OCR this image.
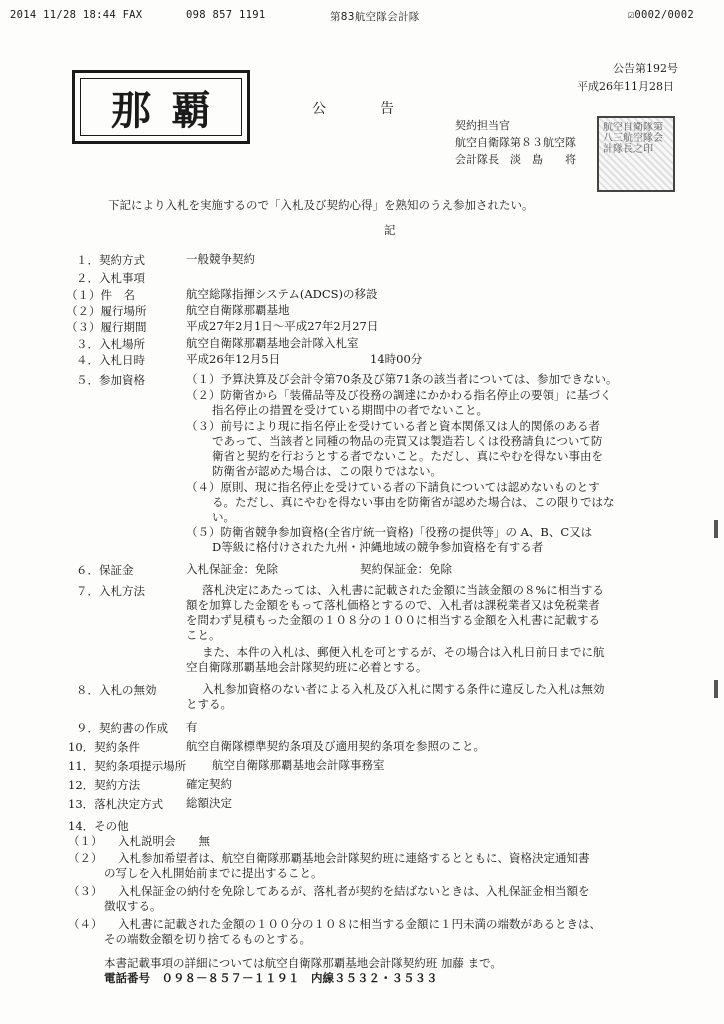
2014 11/28 18:44 FAX	098 857 1191	第83航空隊会計隊	☑0002/0002
公告第192号
平成26年11月28日
那覇	公　　　告
契約担当官
航空自衛隊第８３航空隊
会計隊長　淡　島　　将
航空自衛隊第八三航空隊会計隊長之印
下記により入札を実施するので「入札及び契約心得」を熟知のうえ参加されたい。
記
１．契約方式	一般競争契約
２．入札事項
（１）件　名	航空総隊指揮システム(ADCS)の移設
（２）履行場所	航空自衛隊那覇基地
（３）履行期間	平成27年2月1日～平成27年2月27日
３．入札場所	航空自衛隊那覇基地会計隊入札室
４．入札日時	平成26年12月5日	14時00分
５．参加資格	（１）予算決算及び会計令第70条及び第71条の該当者については、参加できない。
（２）防衛省から「装備品等及び役務の調達にかかわる指名停止の要領」に基づく
指名停止の措置を受けている期間中の者でないこと。
（３）前号により現に指名停止を受けている者と資本関係又は人的関係のある者
であって、当該者と同種の物品の売買又は製造若しくは役務請負について防
衛省と契約を行おうとする者でないこと。ただし、真にやむを得ない事由を
防衛省が認めた場合は、この限りではない。
（４）原則、現に指名停止を受けている者の下請負については認めないものとす
る。ただし、真にやむを得ない事由を防衛省が認めた場合は、この限りではな
い。
（５）防衛省競争参加資格(全省庁統一資格)「役務の提供等」の A、B、C又は
D等級に格付けされた九州・沖縄地域の競争参加資格を有する者
６．保証金	入札保証金：免除	契約保証金：免除
７．入札方法	落札決定にあたっては、入札書に記載された金額に当該金額の８%に相当する
額を加算した金額をもって落札価格とするので、入札者は課税業者又は免税業者
を問わず見積もった金額の１０８分の１００に相当する金額を入札書に記載する
こと。
また、本件の入札は、郵便入札を可とするが、その場合は入札日前日までに航
空自衛隊那覇基地会計隊契約班に必着とする。
８．入札の無効	入札参加資格のない者による入札及び入札に関する条件に違反した入札は無効
とする。
９．契約書の作成 有
10．契約条件	航空自衛隊標準契約条項及び適用契約条項を参照のこと。
11．契約条項提示場所 航空自衛隊那覇基地会計隊事務室
12．契約方法	確定契約
13．落札決定方式 総額決定
14．その他
（１） 入札説明会　　無
（２） 入札参加希望者は、航空自衛隊那覇基地会計隊契約班に連絡するとともに、資格決定通知書
の写しを入札開始前までに提出すること。
（３） 入札保証金の納付を免除してあるが、落札者が契約を結ばないときは、入札保証金相当額を
徴収する。
（４） 入札書に記載された金額の１００分の１０８に相当する金額に１円未満の端数があるときは、
その端数金額を切り捨てるものとする。
本書記載事項の詳細については航空自衛隊那覇基地会計隊契約班 加藤 まで。
電話番号　０９８－８５７－１１９１　内線３５３２・３５３３
